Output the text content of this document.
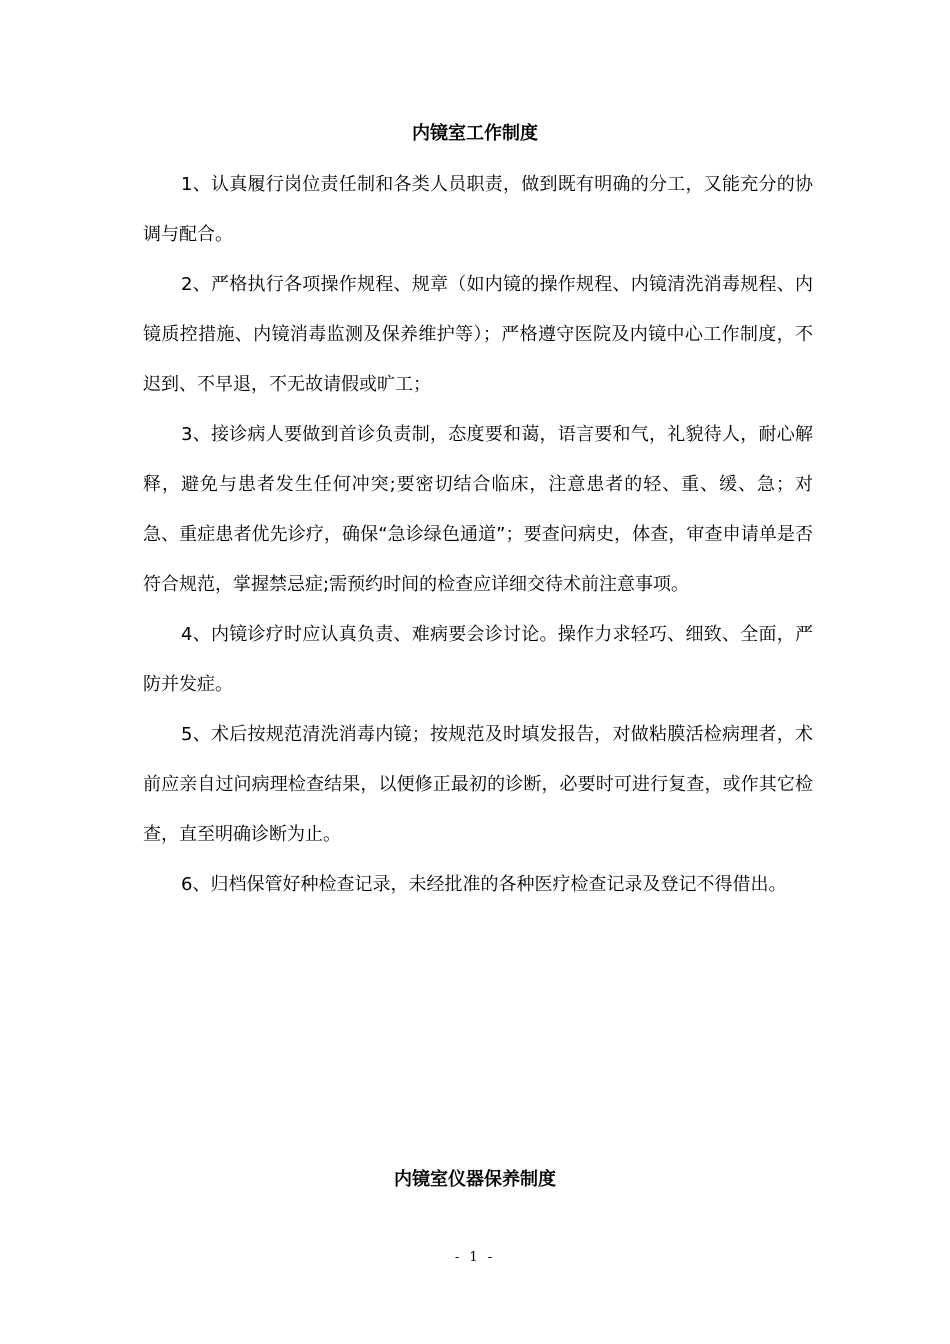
内镜室工作制度

1、认真履行岗位责任制和各类人员职责，做到既有明确的分工，又能充分的协调与配合。

2、严格执行各项操作规程、规章（如内镜的操作规程、内镜清洗消毒规程、内镜质控措施、内镜消毒监测及保养维护等）；严格遵守医院及内镜中心工作制度，不迟到、不早退，不无故请假或旷工；

3、接诊病人要做到首诊负责制，态度要和蔼，语言要和气，礼貌待人，耐心解释，避免与患者发生任何冲突;要密切结合临床，注意患者的轻、重、缓、急；对急、重症患者优先诊疗，确保“急诊绿色通道”；要查问病史，体查，审查申请单是否符合规范，掌握禁忌症;需预约时间的检查应详细交待术前注意事项。

4、内镜诊疗时应认真负责、难病要会诊讨论。操作力求轻巧、细致、全面，严防并发症。

5、术后按规范清洗消毒内镜；按规范及时填发报告，对做粘膜活检病理者，术前应亲自过问病理检查结果，以便修正最初的诊断，必要时可进行复查，或作其它检查，直至明确诊断为止。

6、归档保管好种检查记录，未经批准的各种医疗检查记录及登记不得借出。

内镜室仪器保养制度
- 1 -
